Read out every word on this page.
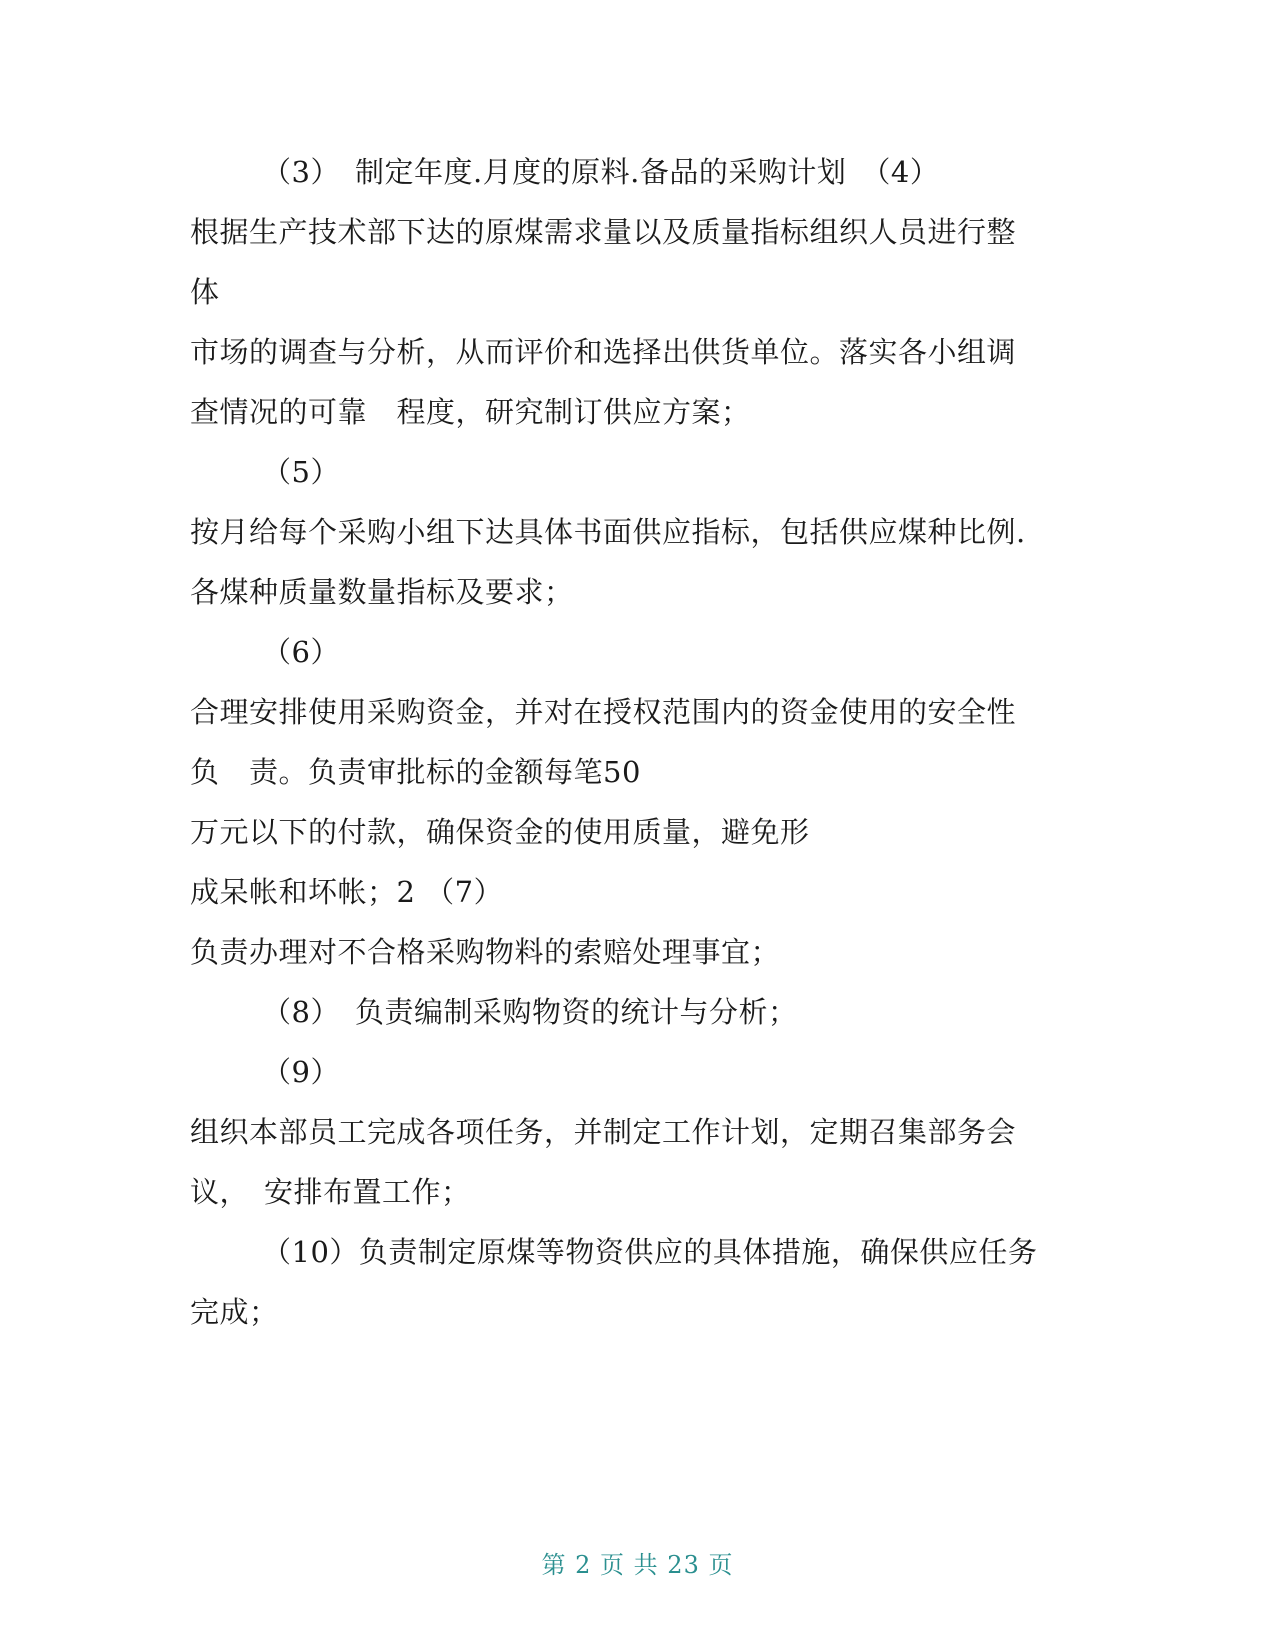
（3）　制定年度.月度的原料.备品的采购计划　（4）
根据生产技术部下达的原煤需求量以及质量指标组织人员进行整
体
市场的调查与分析，从而评价和选择出供货单位。落实各小组调
查情况的可靠　程度，研究制订供应方案；
（5）
按月给每个采购小组下达具体书面供应指标，包括供应煤种比例.
各煤种质量数量指标及要求；
（6）
合理安排使用采购资金，并对在授权范围内的资金使用的安全性
负　责。负责审批标的金额每笔50
万元以下的付款，确保资金的使用质量，避免形
成呆帐和坏帐；2 （7）
负责办理对不合格采购物料的索赔处理事宜；
（8）　负责编制采购物资的统计与分析；
（9）
组织本部员工完成各项任务，并制定工作计划，定期召集部务会
议，　安排布置工作；
（10）负责制定原煤等物资供应的具体措施，确保供应任务
完成；
第 2 页 共 23 页
